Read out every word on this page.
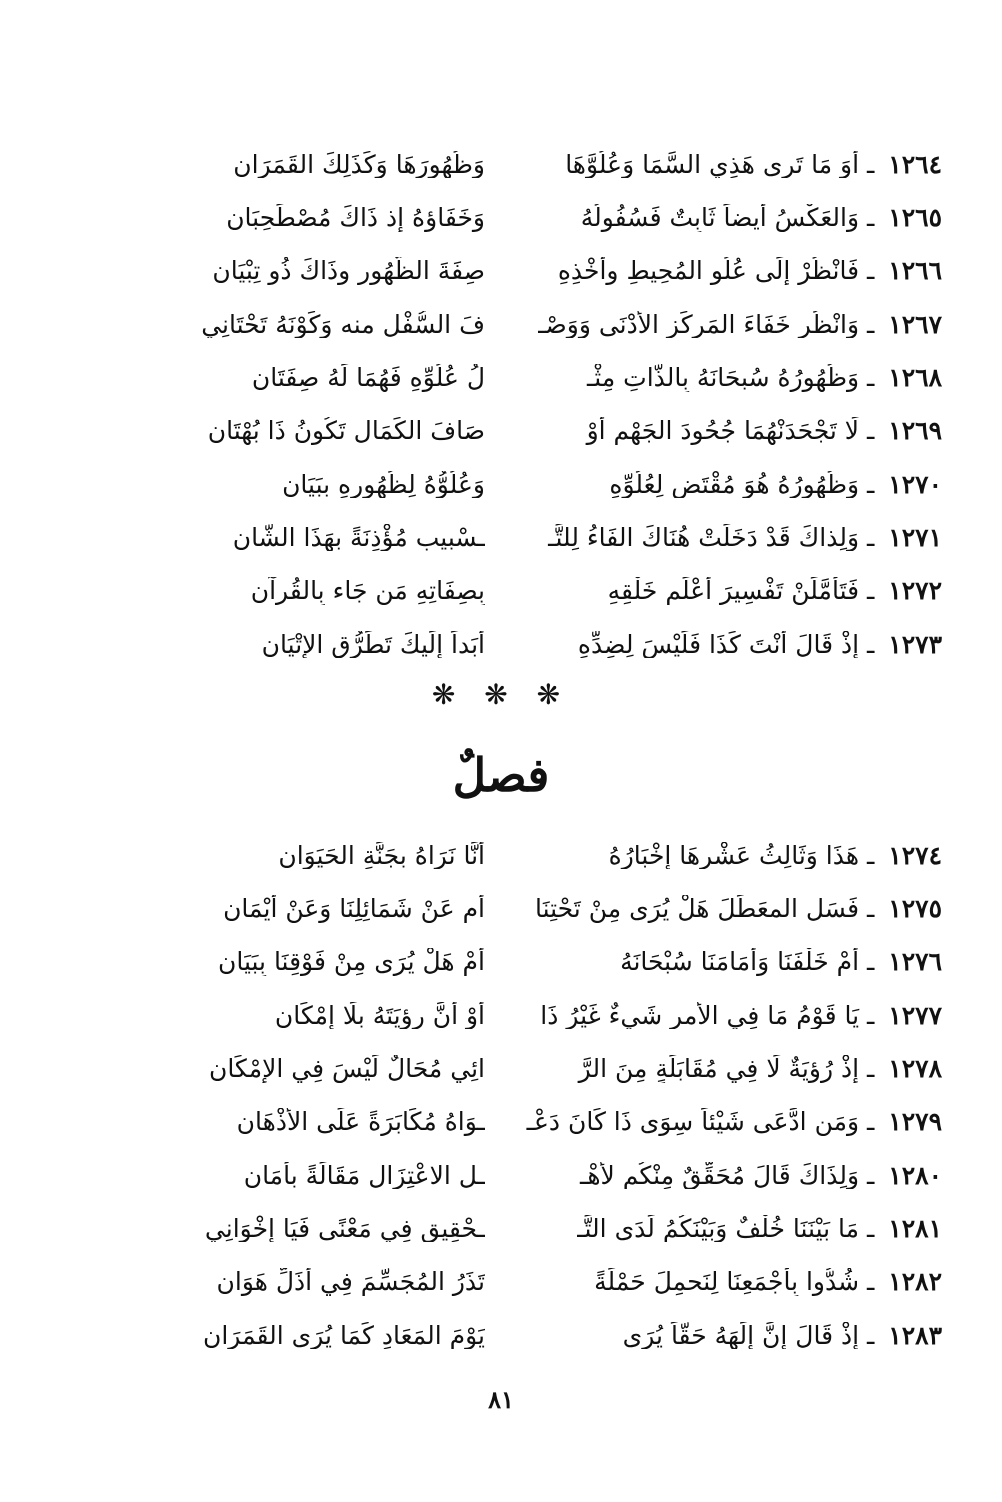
١٢٦٤ ـ أَوَ مَا تَرى هَذِي السَّمَا وَعُلُوَّهَا
وَظُهُورَهَا وَكَذَلِكَ القَمَرَانِ
١٢٦٥ ـ وَالعَكْسُ أَيضاً ثَابِتٌ فَسُفُولُهُ
وَخَفَاؤهُ إذ ذَاكَ مُصْطَحِبَانِ
١٢٦٦ ـ فَانْظُرْ إِلَى عُلُوِ المُحِيطِ وأَخْذِهِ
صِفَةَ الظُّهُورِ وذَاكَ ذُو تِبْيَانِ
١٢٦٧ ـ وَانْظُر خَفَاءَ المَركَزِ الأَدْنَى وَوَصْـ
فَ السُّفْلِ منه وَكَوْنَهُ تَحْتَانِي
١٢٦٨ ـ وَظُهُورُهُ سُبحَانَهُ بِالذَّاتِ مِثْـ
لُ عُلُوِّهِ فَهُمَا لَهُ صِفَتَانِ
١٢٦٩ ـ لَا تَجْحَدَنْهُمَا جُحُودَ الجَهْم أَوْ
صَافَ الكَمَالِ تَكُونُ ذَا بُهْتَانِ
١٢٧٠ ـ وَظُهُورُهُ هُوَ مُقْتَضٍ لِعُلُوِّهِ
وَعُلُوُّهُ لِظُهُورِهِ بِبَيَانِ
١٢٧١ ـ وَلِذاكَ قَدْ دَخَلَتْ هُنَاكَ الفَاءُ لِلتَّـ
ـسْبِيبِ مُؤْذِنَةً بِهَذَا الشَّانِ
١٢٧٢ ـ فَتَأَمَّلَنْ تَفْسِيرَ أَعْلَم خَلْقِهِ
بِصِفَاتِهِ مَن جَاء بِالقُرآنِ
١٢٧٣ ـ إذْ قَالَ أَنْتَ كَذَا فَلَيْسَ لِضِدِّهِ
أَبَداً إِلَيكَ تَطَرُّق الإِتْيَانِ
❋ ❋ ❋
فصلٌ
١٢٧٤ ـ هَذَا وَثَالِثُ عَشْرِهَا إِخْبَارُهُ
أَنَّا نَرَاهُ بِجَنَّةِ الحَيَوَانِ
١٢٧٥ ـ فَسَلِ المعَطِّلَ هَلْ يُرَى مِنْ تَحْتِنَا
أَم عَنْ شَمَائِلِنَا وَعَنْ أَيْمَانِ
١٢٧٦ ـ أَمْ خَلْفَنَا وَأَمَامَنَا سُبْحَانَهُ
أَمْ هَلْ يُرَى مِنْ فَوْقِنَا بِبَيَانِ
١٢٧٧ ـ يَا قَوْمُ مَا فِي الأَمرِ شَيءٌ غَيْرُ ذَا
أَوْ أَنَّ رؤيَتَهُ بِلَا إِمْكَانِ
١٢٧٨ ـ إِذْ رُؤيَةٌ لَا فِي مُقَابَلَةٍ مِنَ الرَّ
ائِي مُحَالٌ لَيْسَ فِي الإِمْكَانِ
١٢٧٩ ـ وَمَنِ ادَّعَى شَيْئاً سِوَى ذَا كَانَ دَعْـ
ـوَاهُ مُكَابَرَةً عَلَى الأَذْهَانِ
١٢٨٠ ـ وَلِذَاكَ قَالَ مُحَقِّقٌ مِنْكُم لأَهْـ
ـلِ الاعْتِزَالِ مَقَالَةً بِأَمَانِ
١٢٨١ ـ مَا بَيْنَنَا خُلْفٌ وَبَيْنَكُمُ لَدَى التَّـ
ـحْقِيقِ فِي مَعْنًى فَيَا إِخْوَانِي
١٢٨٢ ـ شُدُّوا بِأَجْمَعِنَا لِنَحمِلَ حَمْلَةً
تَذَرُ المُجَسِّمَ فِي أَذَلِّ هَوَانِ
١٢٨٣ ـ إِذْ قَالَ إِنَّ إِلَهَهُ حَقّاً يُرَى
يَوْمَ المَعَادِ كَمَا يُرَى القَمَرَانِ
٨١
